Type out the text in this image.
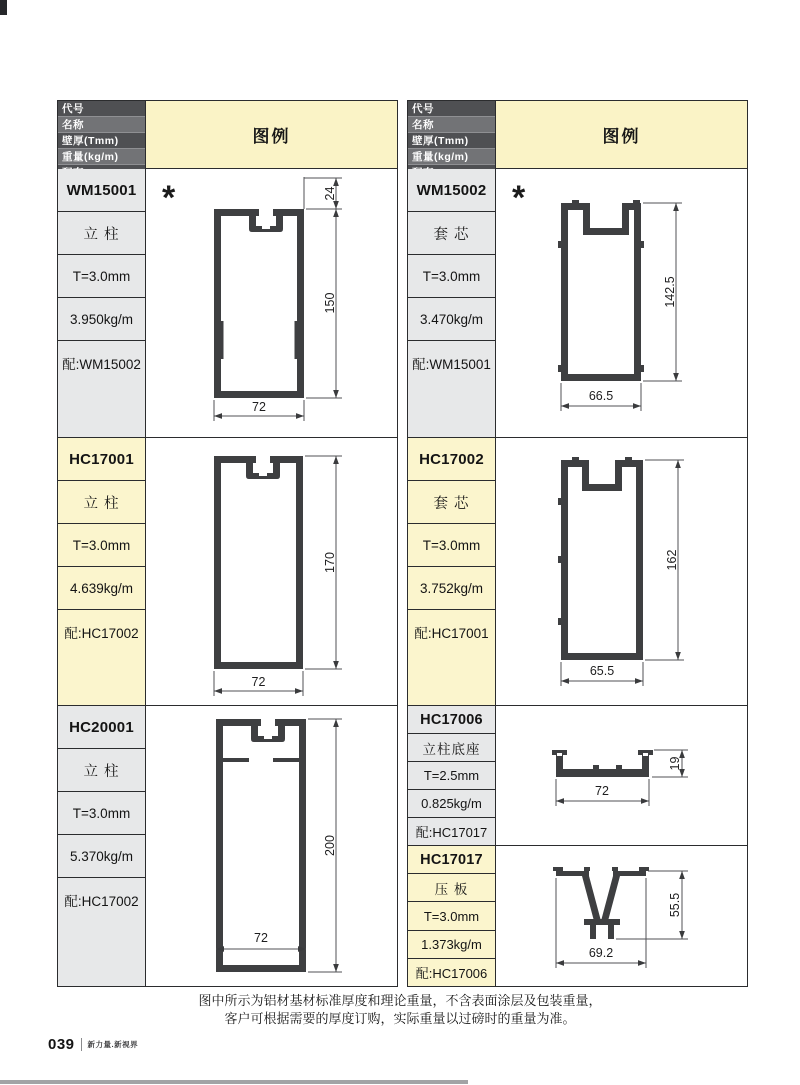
代号
名称
壁厚(Tmm)
重量(kg/m)
图例
WM15001
立 柱
T=3.0mm
3.950kg/m
配:WM15002
*	24
150
72
HC17001
立 柱
T=3.0mm
4.639kg/m
配:HC17002
170
72
HC20001
立 柱
T=3.0mm
5.370kg/m
配:HC17002
200
72
代号
名称
壁厚(Tmm)
重量(kg/m)
图例
WM15002
套 芯
T=3.0mm
3.470kg/m
配:WM15001
*
142.5
66.5
HC17002
套 芯
T=3.0mm
3.752kg/m
配:HC17001
162
65.5
HC17006
立柱底座
T=2.5mm
0.825kg/m
配:HC17017
19
72
HC17017
压 板
T=3.0mm
1.373kg/m
配:HC17006
55.5
69.2
图中所示为铝材基材标准厚度和理论重量，不含表面涂层及包装重量，
客户可根据需要的厚度订购，实际重量以过磅时的重量为准。
039 新力量.新视界
